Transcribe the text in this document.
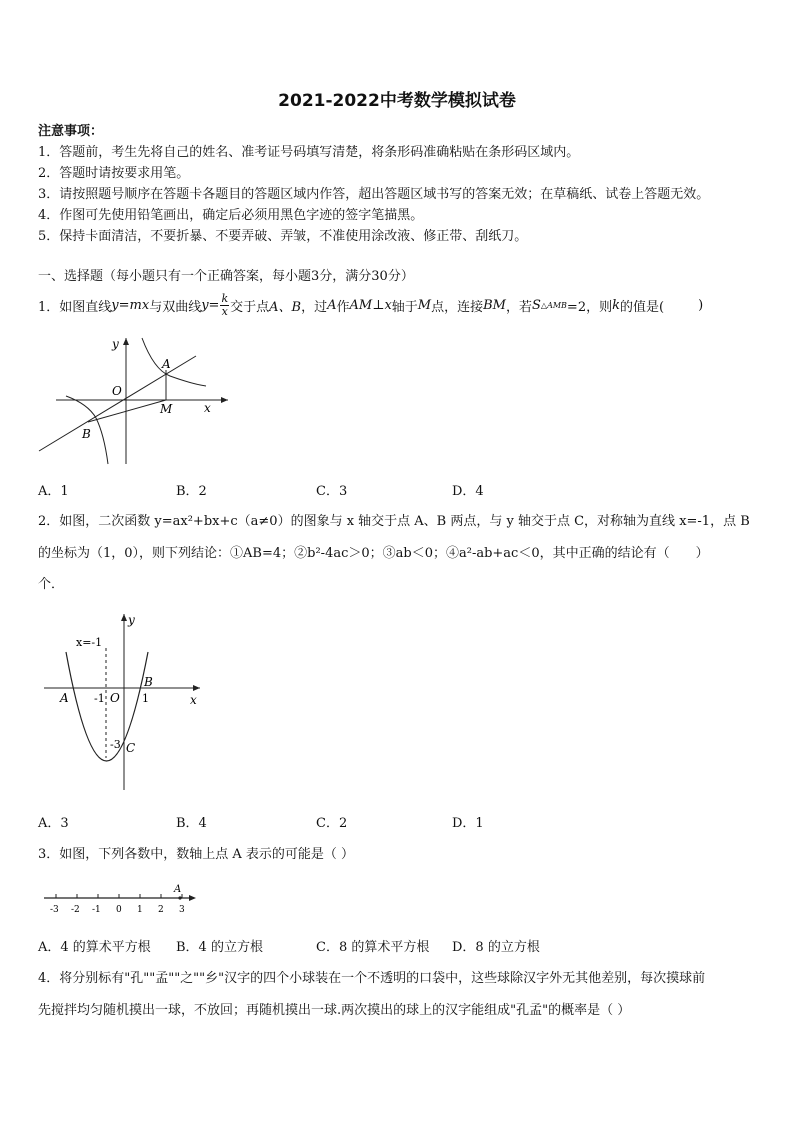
2021-2022中考数学模拟试卷
注意事项：
1．答题前，考生先将自己的姓名、准考证号码填写清楚，将条形码准确粘贴在条形码区域内。
2．答题时请按要求用笔。
3．请按照题号顺序在答题卡各题目的答题区域内作答，超出答题区域书写的答案无效；在草稿纸、试卷上答题无效。
4．作图可先使用铅笔画出，确定后必须用黑色字迹的签字笔描黑。
5．保持卡面清洁，不要折暴、不要弄破、弄皱，不准使用涂改液、修正带、刮纸刀。
一、选择题（每小题只有一个正确答案，每小题3分，满分30分）
1．如图直线 y=mx 与双曲线 $y= \frac{k}{x}$ 交于点 A、B ，过 A 作 AM⊥x 轴于 M 点，连接 BM ，若 S △AMB =2，则 k 的值是(	)
y
x
O
A
B
M
A．1	B．2	C．3	D．4
2．如图，二次函数 y=ax²+bx+c（a≠0）的图象与 x 轴交于点 A、B 两点，与 y 轴交于点 C，对称轴为直线 x=-1，点 B
的坐标为（1，0），则下列结论：①AB=4；②b²-4ac＞0；③ab＜0；④a²-ab+ac＜0，其中正确的结论有（　　）
个．
y
x
x=-1
A
B
C
O
-1	1
-3
A．3	B．4	C．2	D．1
3．如图，下列各数中，数轴上点 A 表示的可能是（ ）
A
-3 -2 -1 0 1 2 3
A．4 的算术平方根 B．4 的立方根	C．8 的算术平方根 D．8 的立方根
4．将分别标有"孔""孟""之""乡"汉字的四个小球装在一个不透明的口袋中，这些球除汉字外无其他差别，每次摸球前
先搅拌均匀随机摸出一球，不放回；再随机摸出一球.两次摸出的球上的汉字能组成"孔孟"的概率是（ ）
